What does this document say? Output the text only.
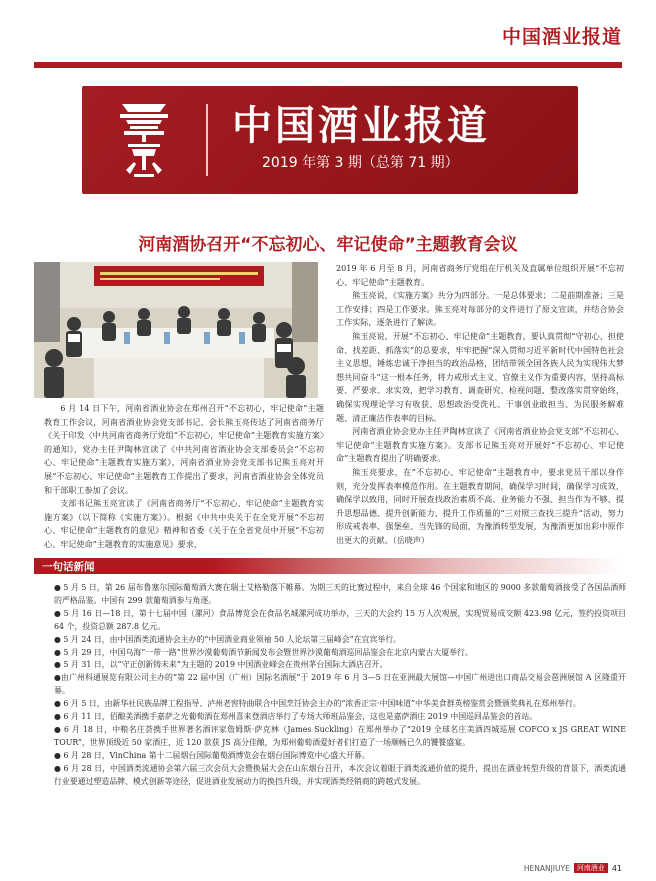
中国酒业报道
中国酒业报道
2019 年第 3 期（总第 71 期）
河南酒协召开“不忘初心、牢记使命”主题教育会议

6 月 14 日下午，河南省酒业协会在郑州召开“不忘初心，牢记使命”主题教育工作会议，河南省酒业协会党支部书记、会长熊玉亮传达了河南省商务厅《关于印发〈中共河南省商务厅党组“不忘初心，牢记使命”主题教育实施方案〉的通知》，党办主任尹陶林宣读了《中共河南省酒业协会支部委员会“不忘初心、牢记使命”主题教育实施方案》，河南省酒业协会党支部书记熊玉亮对开展“不忘初心、牢记使命”主题教育工作提出了要求，河南省酒业协会全体党员和干部职工参加了会议。

支部书记熊玉亮宣读了《河南省商务厅“不忘初心、牢记使命”主题教育实施方案》（以下简称《实施方案》）。根据《中共中央关于在全党开展“不忘初心、牢记使命”主题教育的意见》精神和省委《关于在全省党员中开展“不忘初心、牢记使命”主题教育的实施意见》要求，

2019 年 6 月至 8 月，河南省商务厅党组在厅机关及直属单位组织开展“不忘初心、牢记使命”主题教育。

熊玉亮说，《实施方案》共分为四部分。一是总体要求；二是前期准备；三是工作安排；四是工作要求。熊玉亮对每部分的文件进行了原文宣读，并结合协会工作实际，逐条进行了解读。

熊玉亮说，开展“不忘初心、牢记使命”主题教育，要认真贯彻“守初心、担使命、找差距、抓落实”的总要求，牢牢把握“深入贯彻习近平新时代中国特色社会主义思想，锤炼忠诚干净担当的政治品格，团结带领全国各族人民为实现伟大梦想共同奋斗”这一根本任务，将力戒形式主义、官僚主义作为重要内容，坚持高标要、严要求、求实效，把学习教育、调查研究、检视问题、整改落实贯穿始终，确保实现理论学习有收获、思想政治受洗礼、干事创业敢担当、为民服务解难题、清正廉洁作表率的目标。

河南省酒业协会党办主任尹陶林宣读了《河南省酒业协会党支部“不忘初心、牢记使命”主题教育实施方案》。支部书记熊玉亮对开展好“不忘初心、牢记使命”主题教育提出了明确要求。

熊玉亮要求，在“不忘初心、牢记使命”主题教育中，要求党员干部以身作则，充分发挥表率模范作用。在主题教育期间，确保学习时间，确保学习成效，确保学以致用，同时开展查找政治素质不高、业务能力不强、担当作为不够、提升思想品德、提升创新能力、提升工作质量的“三对照三查找三提升”活动，努力形成戒表率、强堡垒、当先锋的局面，为豫酒转型发展，为豫酒更加出彩中原作出更大的贡献。（岳晓声）

一句话新闻

● 5 月 5 日，第 26 届布鲁塞尔国际葡萄酒大赛在瑞士艾格勒落下帷幕。为期三天的比赛过程中，来自全球 46 个国家和地区的 9000 多款葡萄酒接受了各国品酒师的严格品鉴。中国有 299 款葡萄酒参与角逐。

● 5 月 16 日—18 日，第十七届中国（漯河）食品博览会在食品名城漯河成功举办，三天的大会约 15 万人次观展，实现贸易成交额 423.98 亿元，签约投资项目 64 个，投资总额 287.8 亿元。

● 5 月 24 日，由中国酒类流通协会主办的“中国酒业商业领袖 50 人论坛第三届峰会”在宜宾举行。

● 5 月 29 日，中国乌海“一带一路”世界沙漠葡萄酒节新闻发布会暨世界沙漠葡萄酒巡回品鉴会在北京内蒙古大厦举行。

● 5 月 31 日，以“守正创新铸未来”为主题的 2019 中国酒业峰会在贵州茅台国际大酒店召开。

●由广州科通展览有限公司主办的“第 22 届中国（广州）国际名酒展”于 2019 年 6 月 3—5 日在亚洲最大展馆—中国广州进出口商品交易会琶洲展馆 A 区隆重开幕。

● 6 月 5 日，由新华社民族品牌工程指导、泸州老窖特曲联合中国烹饪协会主办的“浓香正宗·中国味道”中华美食群英榜鉴赏会暨颁奖典礼在郑州举行。

● 6 月 11 日，佰酿美酒携手嘉萨之光葡萄酒在郑州喜来登酒店举行了专场大师班品鉴会，这也是嘉萨酒庄 2019 中国巡回品鉴会的首站。

● 6 月 18 日，中粮名庄荟携手世界著名酒评家詹姆斯·萨克林（James Suckling）在郑州举办了“2019 全球名庄美酒四城巡展 COFCO x JS GREAT WINE TOUR”，世界顶级近 50 家酒庄，近 120 款获 JS 高分佳酿，为郑州葡萄酒爱好者们打造了一场顺畅已久的饕餮盛宴。

● 6 月 28 日，VinChina 第十二届烟台国际葡萄酒博览会在烟台国际博览中心盛大开幕。

● 6 月 28 日，中国酒类流通协会第六届三次会员大会暨换届大会在山东烟台召开，本次会议着眼于酒类流通价值的提升，提出在酒业转型升级的背景下，酒类流通行业要通过塑造品牌、模式创新等途径，促进酒业发展动力的换挡升级，并实现酒类经销商的跨越式发展。

HENANJIUYE	河南酒业 41
